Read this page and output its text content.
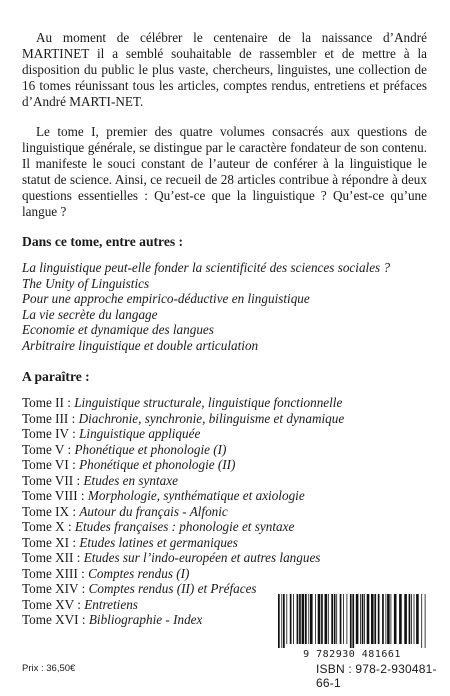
Au moment de célébrer le centenaire de la naissance d’André MARTINET il a semblé souhaitable de rassembler et de mettre à la disposition du public le plus vaste, chercheurs, linguistes, une collection de 16 tomes réunissant tous les articles, comptes rendus, entretiens et préfaces d’André MARTI-NET.

Le tome I, premier des quatre volumes consacrés aux questions de linguistique générale, se distingue par le caractère fondateur de son contenu. Il manifeste le souci constant de l’auteur de conférer à la linguistique le statut de science. Ainsi, ce recueil de 28 articles contribue à répondre à deux questions essentielles : Qu’est-ce que la linguistique ? Qu’est-ce qu’une langue ?

Dans ce tome, entre autres :
La linguistique peut-elle fonder la scientificité des sciences sociales ?
The Unity of Linguistics
Pour une approche empirico-déductive en linguistique
La vie secrète du langage
Economie et dynamique des langues
Arbitraire linguistique et double articulation
A paraître :
Tome II : Linguistique structurale, linguistique fonctionnelle
Tome III : Diachronie, synchronie, bilinguisme et dynamique
Tome IV : Linguistique appliquée
Tome V : Phonétique et phonologie (I)
Tome VI : Phonétique et phonologie (II)
Tome VII : Etudes en syntaxe
Tome VIII : Morphologie, synthématique et axiologie
Tome IX : Autour du français - Alfonic
Tome X : Etudes françaises : phonologie et syntaxe
Tome XI : Etudes latines et germaniques
Tome XII : Etudes sur l’indo-européen et autres langues
Tome XIII : Comptes rendus (I)
Tome XIV : Comptes rendus (II) et Préfaces
Tome XV : Entretiens
Tome XVI : Bibliographie - Index
9 782930 481661
ISBN : 978-2-930481-66-1
Prix : 36,50€
